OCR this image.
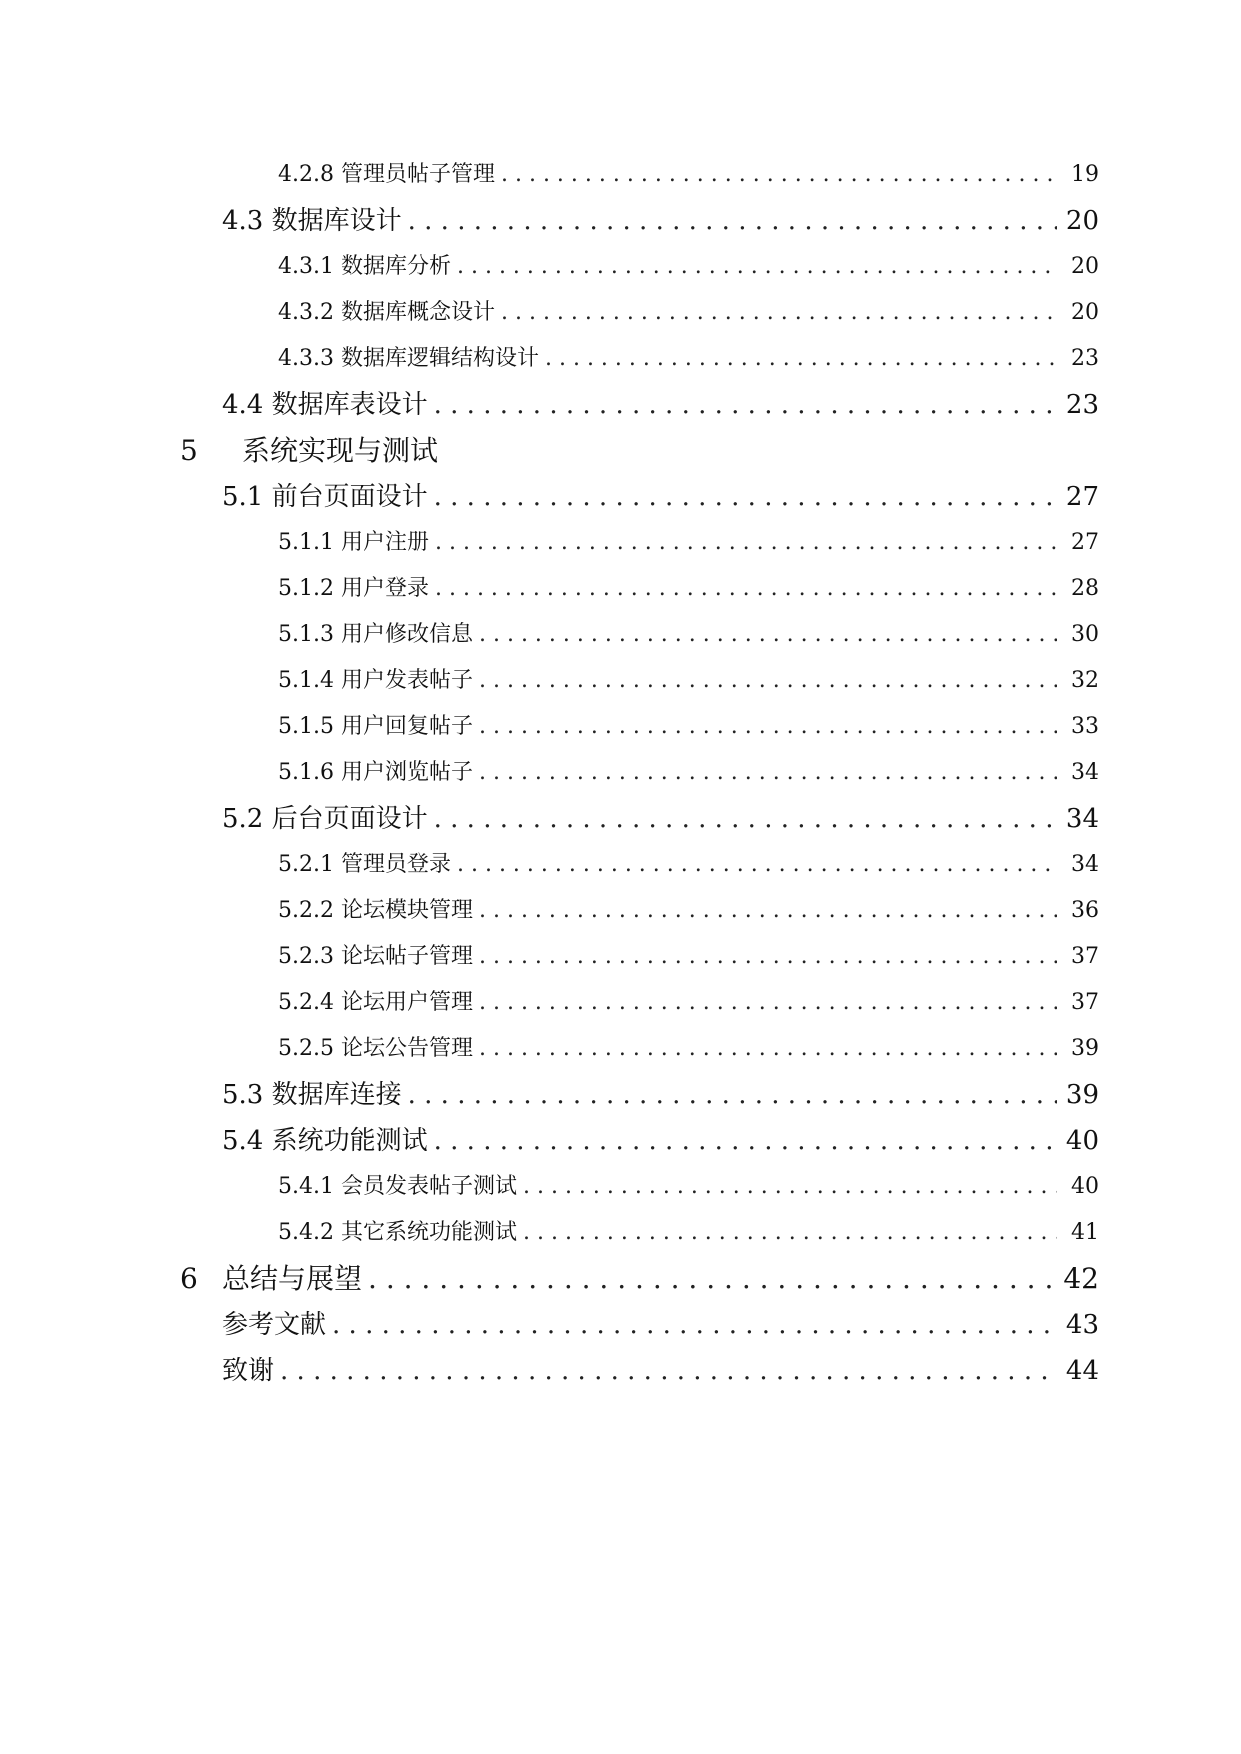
4.2.8 管理员帖子管理 . . .	19
4.3 数据库设计 . . .	20
4.3.1 数据库分析 . . .	20
4.3.2 数据库概念设计 . . .	20
4.3.3 数据库逻辑结构设计 . . .	23
4.4 数据库表设计 . . .	23
5 系统实现与测试
5.1 前台页面设计 . . .	27
5.1.1 用户注册 . . .	27
5.1.2 用户登录 . . .	28
5.1.3 用户修改信息 . . .	30
5.1.4 用户发表帖子 . . .	32
5.1.5 用户回复帖子 . . .	33
5.1.6 用户浏览帖子 . . .	34
5.2 后台页面设计 . . .	34
5.2.1 管理员登录 . . .	34
5.2.2 论坛模块管理 . . .	36
5.2.3 论坛帖子管理 . . .	37
5.2.4 论坛用户管理 . . .	37
5.2.5 论坛公告管理 . . .	39
5.3 数据库连接 . . .	39
5.4 系统功能测试 . . .	40
5.4.1 会员发表帖子测试 . . .	40
5.4.2 其它系统功能测试 . . .	41
6 总结与展望 . . .	42
参考文献 . . .	43
致谢 . . .	44
